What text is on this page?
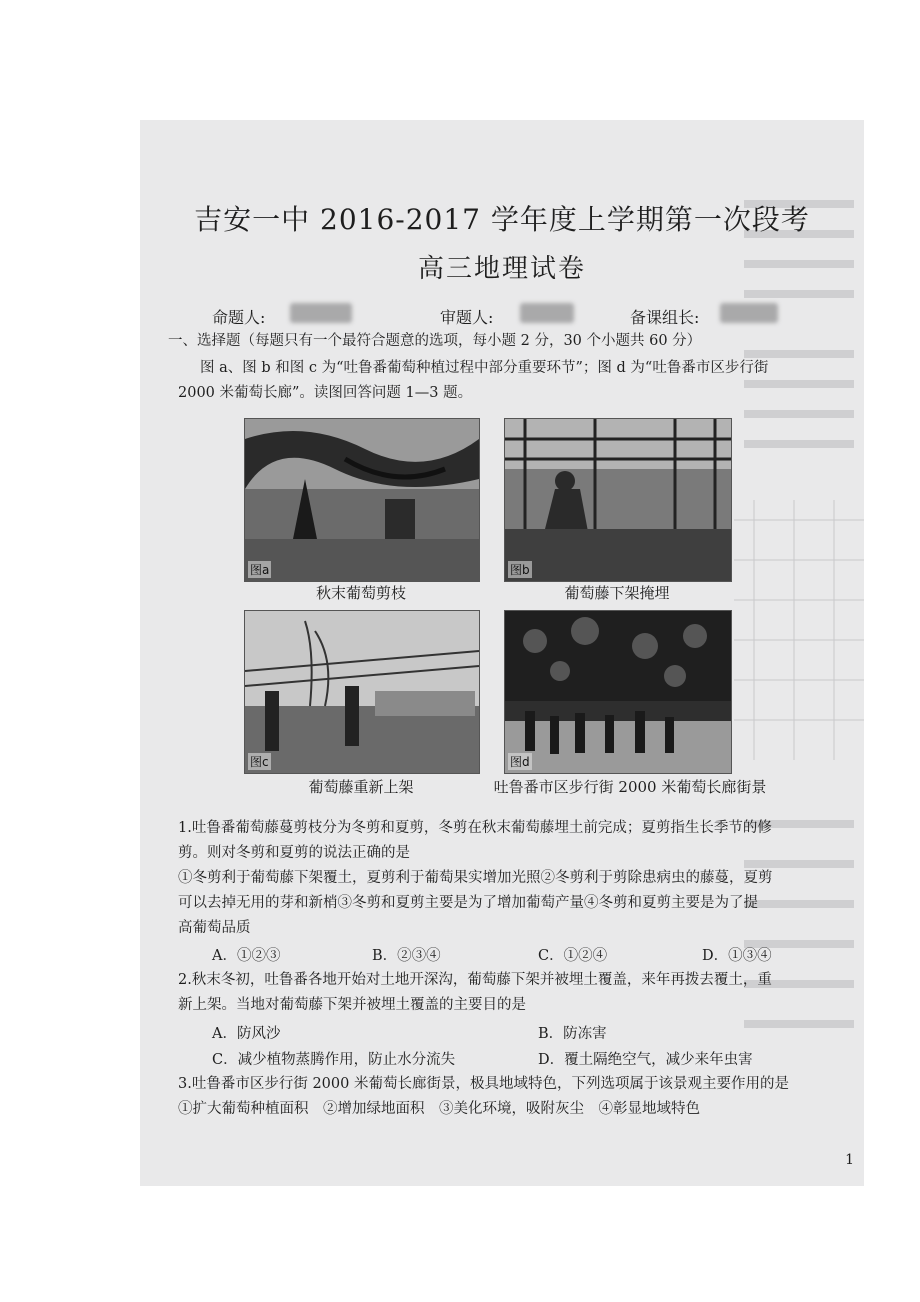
吉安一中 2016-2017 学年度上学期第一次段考
高三地理试卷
命题人:	审题人:	备课组长:
一、选择题（每题只有一个最符合题意的选项，每小题 2 分，30 个小题共 60 分）
图 a、图 b 和图 c 为“吐鲁番葡萄种植过程中部分重要环节”；图 d 为“吐鲁番市区步行街
2000 米葡萄长廊”。读图回答问题 1—3 题。
图a
秋末葡萄剪枝
图b
葡萄藤下架掩埋
图c
葡萄藤重新上架
图d
吐鲁番市区步行街 2000 米葡萄长廊街景
1.吐鲁番葡萄藤蔓剪枝分为冬剪和夏剪，冬剪在秋末葡萄藤埋土前完成；夏剪指生长季节的修
剪。则对冬剪和夏剪的说法正确的是
①冬剪利于葡萄藤下架覆土，夏剪利于葡萄果实增加光照②冬剪利于剪除患病虫的藤蔓，夏剪
可以去掉无用的芽和新梢③冬剪和夏剪主要是为了增加葡萄产量④冬剪和夏剪主要是为了提
高葡萄品质
A．①②③	B．②③④	C．①②④	D．①③④
2.秋末冬初，吐鲁番各地开始对土地开深沟，葡萄藤下架并被埋土覆盖，来年再拨去覆土，重
新上架。当地对葡萄藤下架并被埋土覆盖的主要目的是
A．防风沙	B．防冻害
C．减少植物蒸腾作用，防止水分流失	D．覆土隔绝空气，减少来年虫害
3.吐鲁番市区步行街 2000 米葡萄长廊街景，极具地域特色，下列选项属于该景观主要作用的是
①扩大葡萄种植面积　②增加绿地面积　③美化环境，吸附灰尘　④彰显地域特色
1
